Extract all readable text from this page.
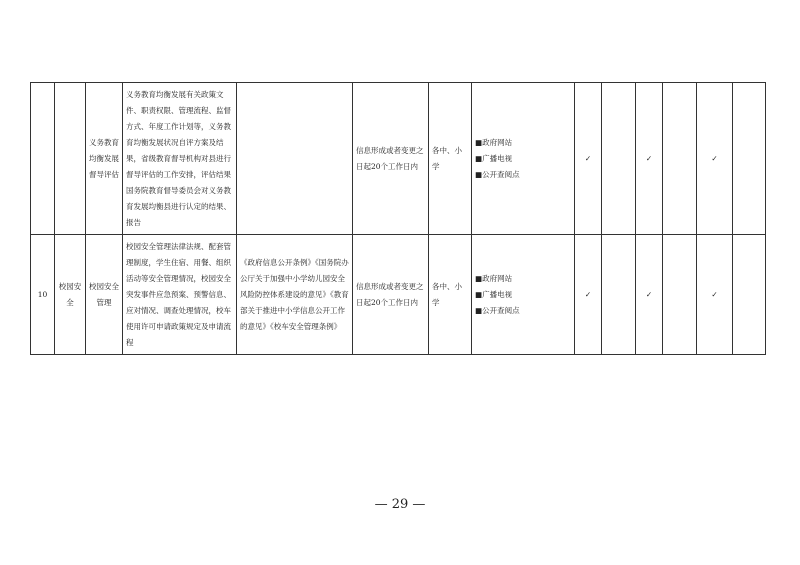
		义务教育均衡发展督导评估	义务教育均衡发展有关政策文件、职责权限、管理流程、监督方式、年度工作计划等，义务教育均衡发展状况自评方案及结果，省级教育督导机构对县进行督导评估的工作安排，评估结果国务院教育督导委员会对义务教育发展均衡县进行认定的结果、报告		信息形成或者变更之日起20个工作日内	各中、小学	■政府网站
■广播电视
■公开查阅点	✓		✓		✓	
10	校园安全	校园安全管理	校园安全管理法律法规、配套管理制度，学生住宿、用餐、组织活动等安全管理情况，校园安全突发事件应急预案、预警信息、应对情况、调查处理情况，校车使用许可申请政策规定及申请流程	《政府信息公开条例》《国务院办公厅关于加强中小学幼儿园安全风险防控体系建设的意见》《教育部关于推进中小学信息公开工作的意见》《校车安全管理条例》	信息形成或者变更之日起20个工作日内	各中、小学	■政府网站
■广播电视
■公开查阅点	✓		✓		✓	
— 29 —
